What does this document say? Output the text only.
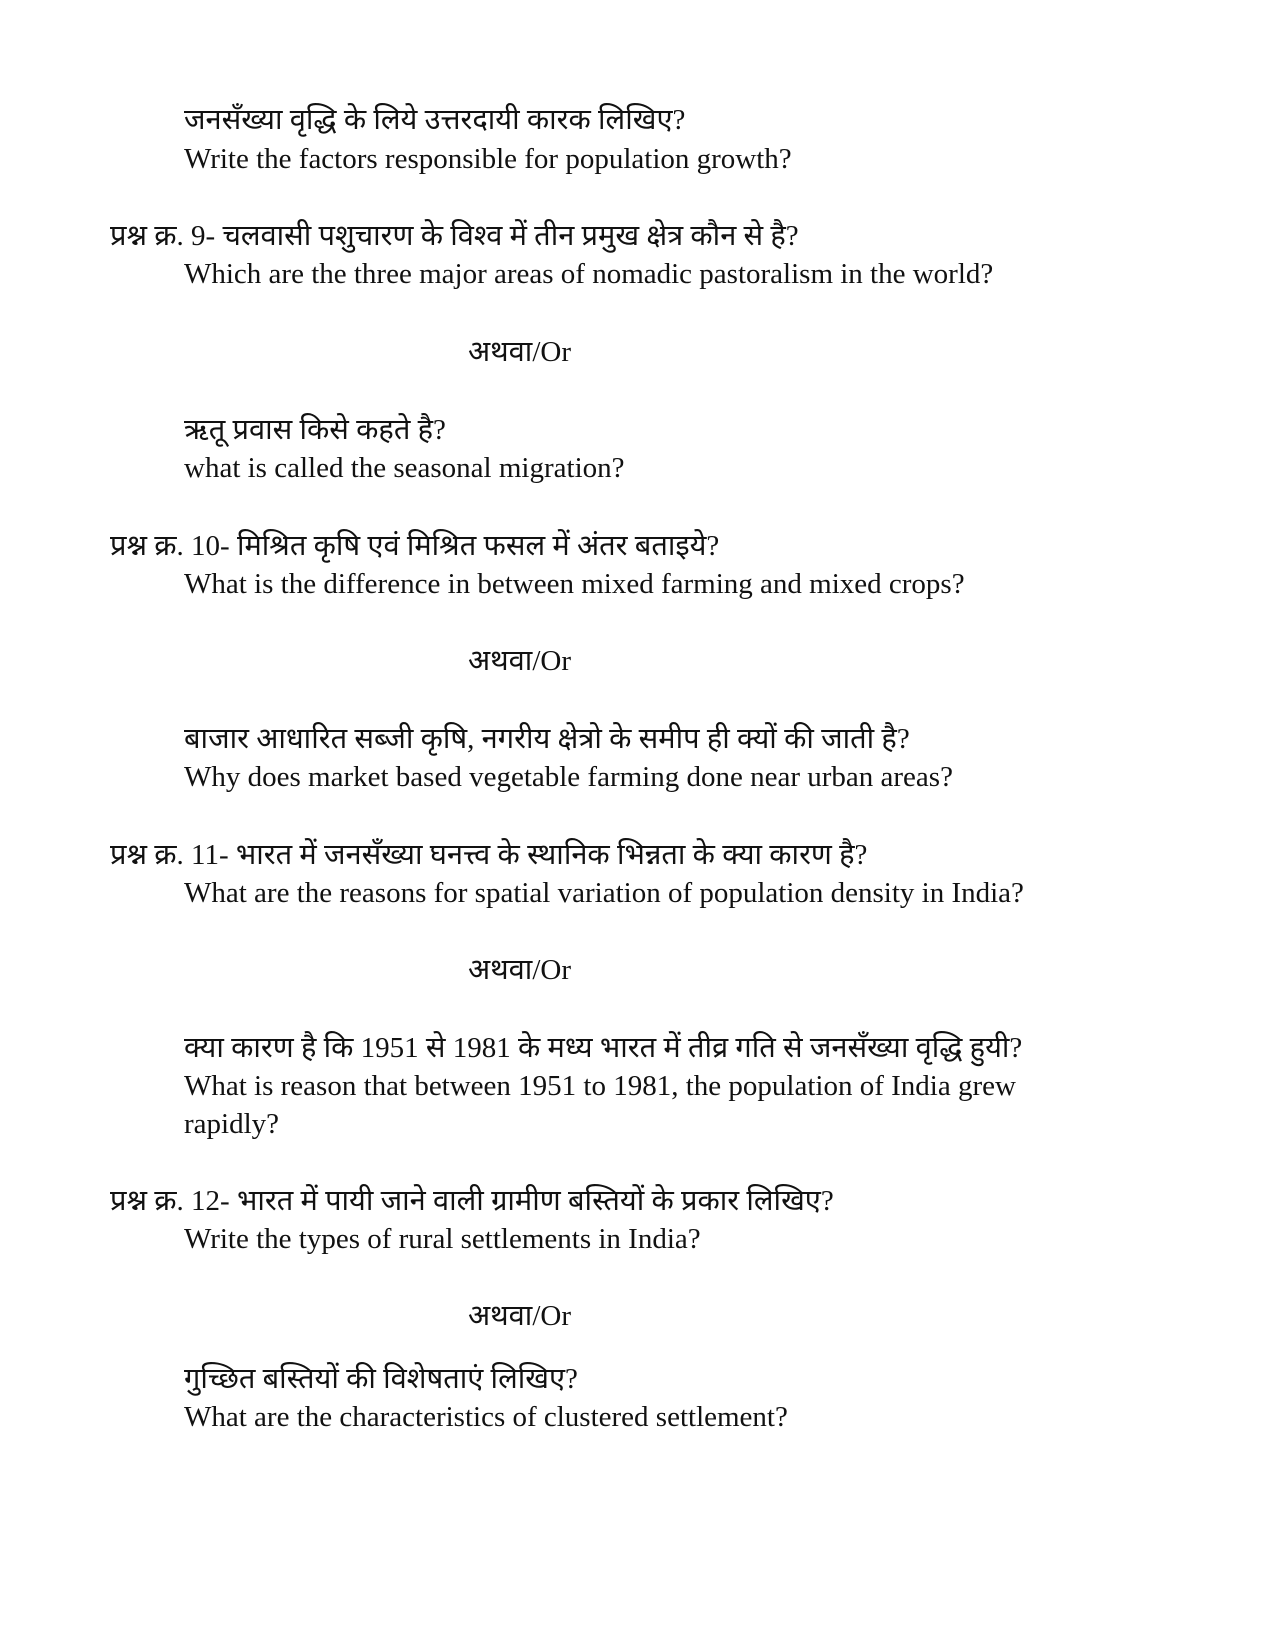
जनसँख्या वृद्धि के लिये उत्तरदायी कारक लिखिए?
Write the factors responsible for population growth?
प्रश्न क्र. 9- चलवासी पशुचारण के विश्व में तीन प्रमुख क्षेत्र कौन से है?
Which are the three major areas of nomadic pastoralism in the world?
अथवा/Or
ऋतू प्रवास किसे कहते है?
what is called the seasonal migration?
प्रश्न क्र. 10- मिश्रित कृषि एवं मिश्रित फसल में अंतर बताइये?
What is the difference in between mixed farming and mixed crops?
अथवा/Or
बाजार आधारित सब्जी कृषि, नगरीय क्षेत्रो के समीप ही क्यों की जाती है?
Why does market based vegetable farming done near urban areas?
प्रश्न क्र. 11- भारत में जनसँख्या घनत्त्व के स्थानिक भिन्नता के क्या कारण है?
What are the reasons for spatial variation of population density in India?
अथवा/Or
क्या कारण है कि 1951 से 1981 के मध्य भारत में तीव्र गति से जनसँख्या वृद्धि हुयी?
What is reason that between 1951 to 1981, the population of India grew
rapidly?
प्रश्न क्र. 12- भारत में पायी जाने वाली ग्रामीण बस्तियों के प्रकार लिखिए?
Write the types of rural settlements in India?
अथवा/Or
गुच्छित बस्तियों की विशेषताएं लिखिए?
What are the characteristics of clustered settlement?
